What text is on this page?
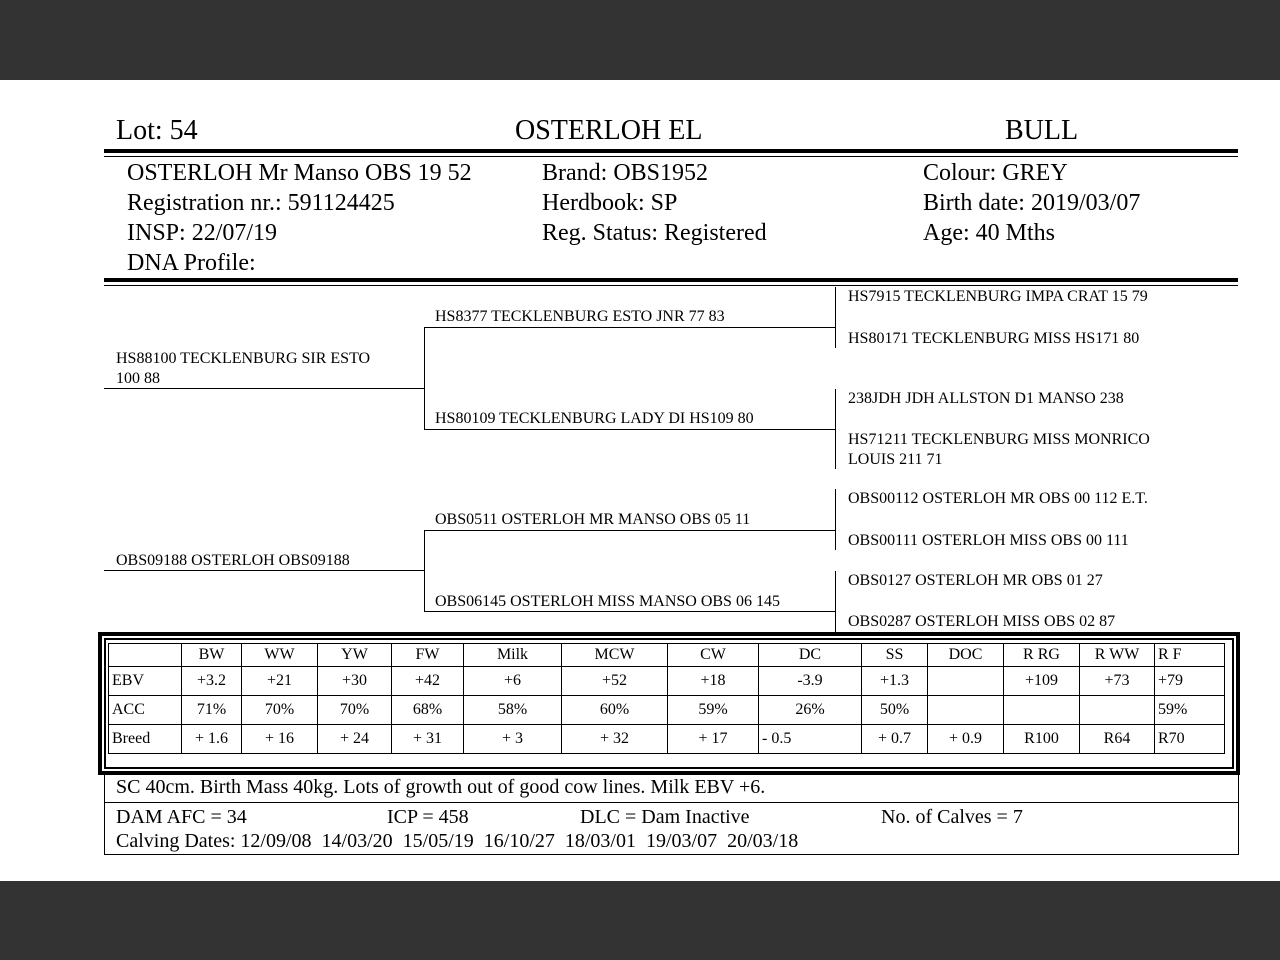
Lot: 54	OSTERLOH EL	BULL
OSTERLOH Mr Manso OBS 19 52
Registration nr.: 591124425
INSP: 22/07/19
DNA Profile:
Brand: OBS1952
Herdbook: SP
Reg. Status: Registered
Colour: GREY
Birth date: 2019/03/07
Age: 40 Mths
HS88100 TECKLENBURG SIR ESTO
100 88
HS8377 TECKLENBURG ESTO JNR 77 83
HS80109 TECKLENBURG LADY DI HS109 80
HS7915 TECKLENBURG IMPA CRAT 15 79
HS80171 TECKLENBURG MISS HS171 80
238JDH JDH ALLSTON D1 MANSO 238
HS71211 TECKLENBURG MISS MONRICO
LOUIS 211 71
OBS09188 OSTERLOH OBS09188
OBS0511 OSTERLOH MR MANSO OBS 05 11
OBS06145 OSTERLOH MISS MANSO OBS 06 145
OBS00112 OSTERLOH MR OBS 00 112 E.T.
OBS00111 OSTERLOH MISS OBS 00 111
OBS0127 OSTERLOH MR OBS 01 27
OBS0287 OSTERLOH MISS OBS 02 87
	BW	WW	YW	FW	Milk	MCW	CW	DC	SS	DOC	R RG	R WW	R F
EBV	+3.2	+21	+30	+42	+6	+52	+18	-3.9	+1.3		+109	+73	+79
ACC	71%	70%	70%	68%	58%	60%	59%	26%	50%				59%
Breed	+ 1.6	+ 16	+ 24	+ 31	+ 3	+ 32	+ 17	- 0.5	+ 0.7	+ 0.9	R100	R64	R70
SC 40cm. Birth Mass 40kg. Lots of growth out of good cow lines. Milk EBV +6.
DAM AFC = 34	ICP = 458	DLC = Dam Inactive	No. of Calves = 7
Calving Dates: 12/09/08  14/03/20  15/05/19  16/10/27  18/03/01  19/03/07  20/03/18
